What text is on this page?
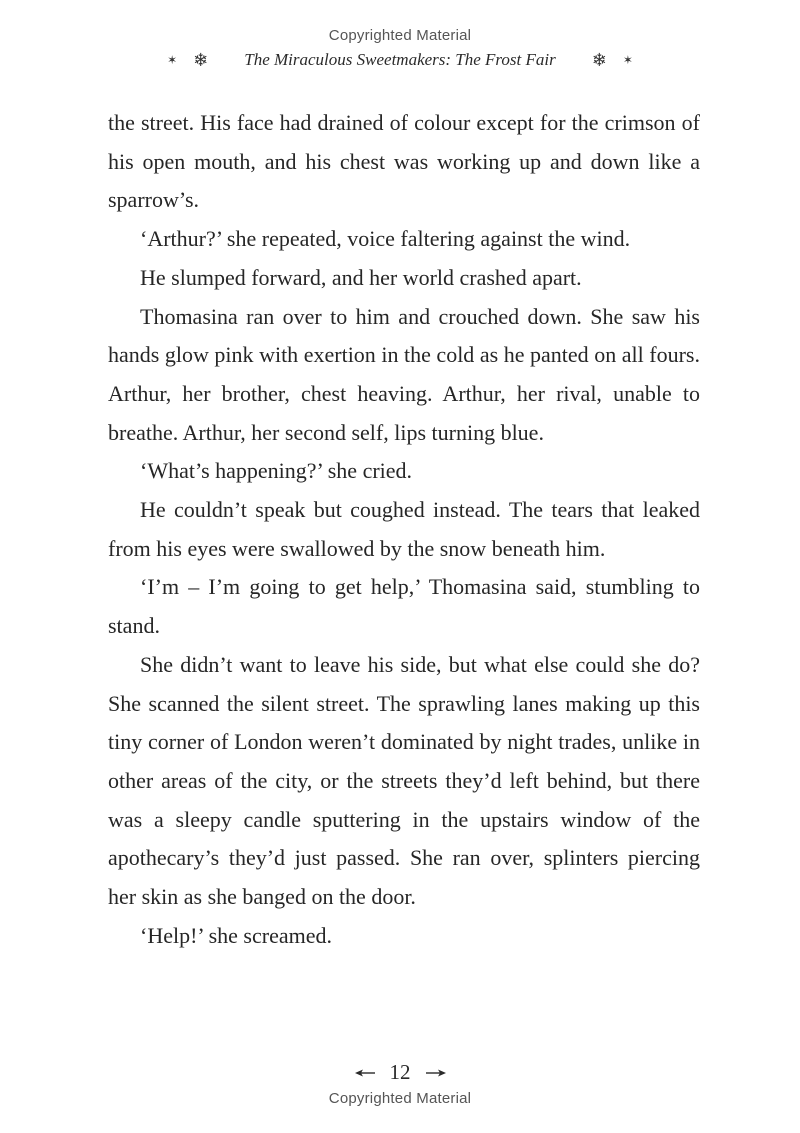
Copyrighted Material
✶ ❄ The Miraculous Sweetmakers: The Frost Fair ❄ ✶

the street. His face had drained of colour except for the crimson of his open mouth, and his chest was working up and down like a sparrow’s.

‘Arthur?’ she repeated, voice faltering against the wind.

He slumped forward, and her world crashed apart.

Thomasina ran over to him and crouched down. She saw his hands glow pink with exertion in the cold as he panted on all fours. Arthur, her brother, chest heaving. Arthur, her rival, unable to breathe. Arthur, her second self, lips turning blue.

‘What’s happening?’ she cried.

He couldn’t speak but coughed instead. The tears that leaked from his eyes were swallowed by the snow beneath him.

‘I’m – I’m going to get help,’ Thomasina said, stumbling to stand.

She didn’t want to leave his side, but what else could she do? She scanned the silent street. The sprawling lanes making up this tiny corner of London weren’t dominated by night trades, unlike in other areas of the city, or the streets they’d left behind, but there was a sleepy candle sputtering in the upstairs window of the apothecary’s they’d just passed. She ran over, splinters piercing her skin as she banged on the door.

‘Help!’ she screamed.

12
Copyrighted Material
